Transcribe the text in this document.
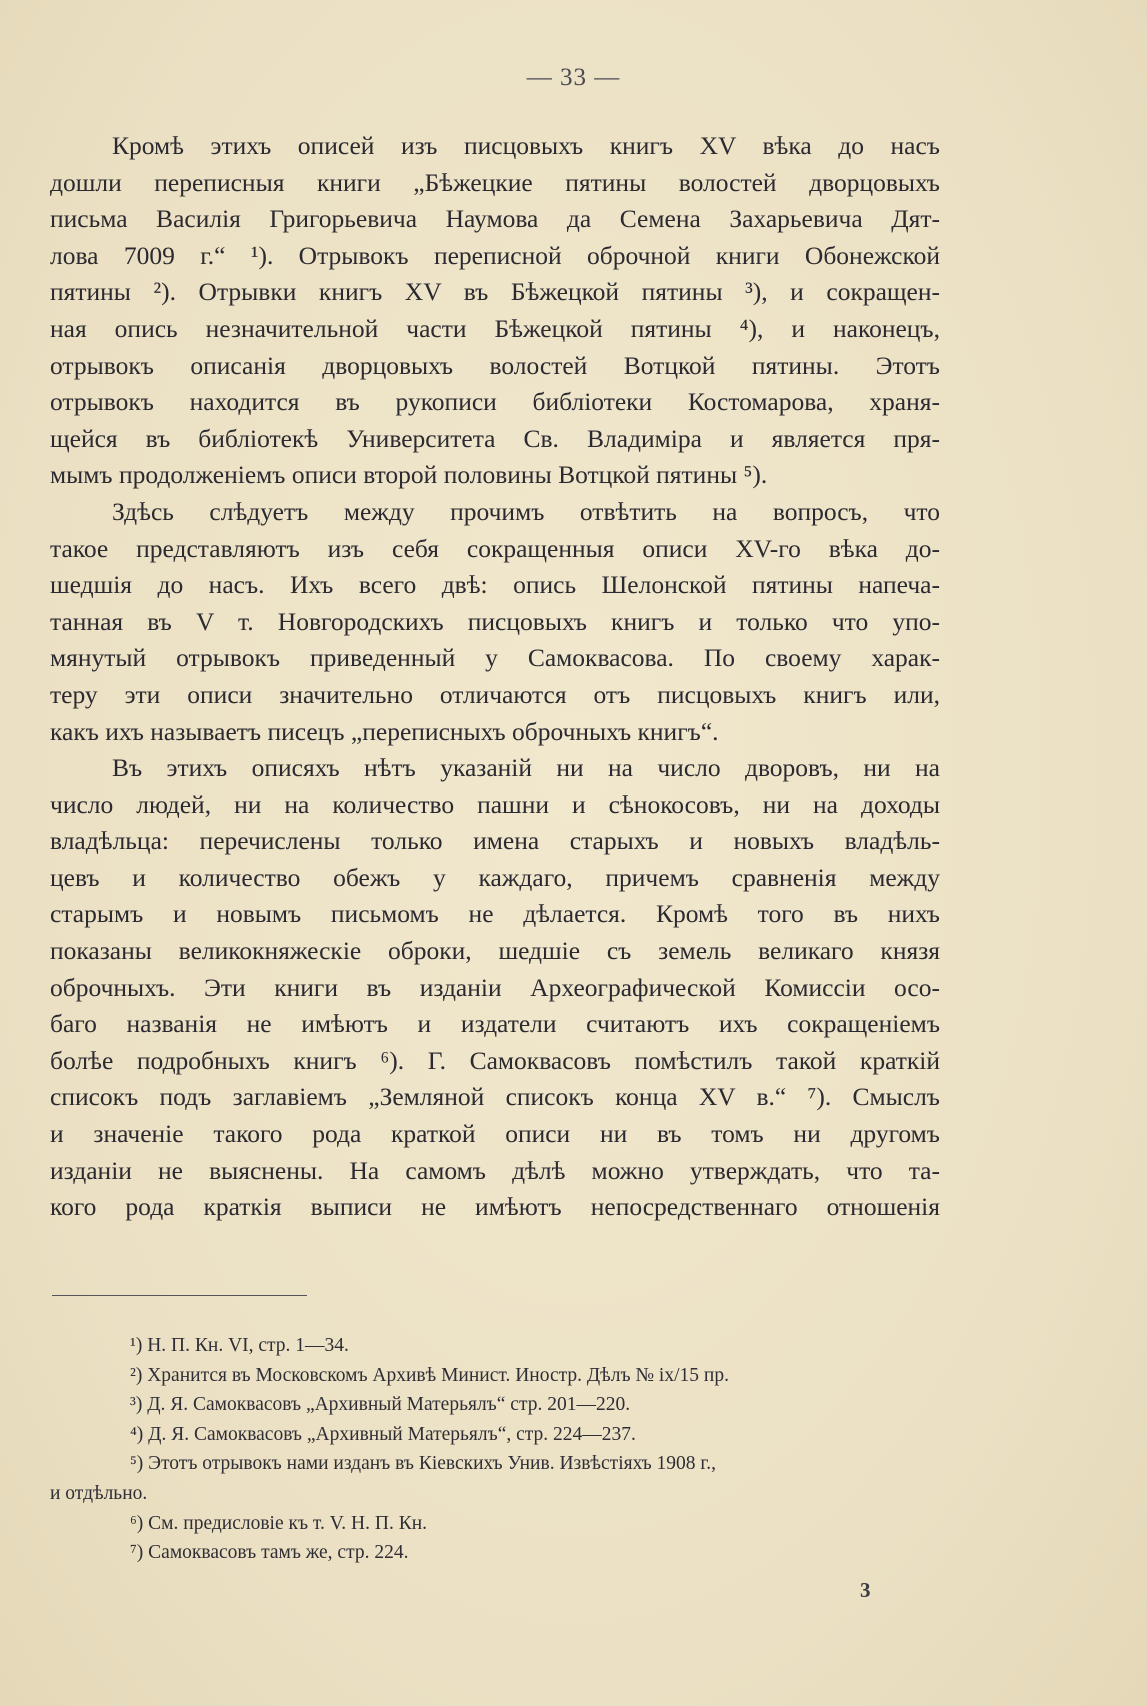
— 33 —
Кромѣ этихъ описей изъ писцовыхъ книгъ XV вѣка до насъ
дошли переписныя книги „Бѣжецкие пятины волостей дворцовыхъ
письма Василія Григорьевича Наумова да Семена Захарьевича Дят-
лова 7009 г.“ ¹). Отрывокъ переписной оброчной книги Обонежской
пятины ²). Отрывки книгъ XV въ Бѣжецкой пятины ³), и сокращен-
ная опись незначительной части Бѣжецкой пятины ⁴), и наконецъ,
отрывокъ описанія дворцовыхъ волостей Вотцкой пятины. Этотъ
отрывокъ находится въ рукописи библіотеки Костомарова, храня-
щейся въ библіотекѣ Университета Св. Владиміра и является пря-
мымъ продолженіемъ описи второй половины Вотцкой пятины ⁵).
Здѣсь слѣдуетъ между прочимъ отвѣтить на вопросъ, что
такое представляютъ изъ себя сокращенныя описи XV-го вѣка до-
шедшія до насъ. Ихъ всего двѣ: опись Шелонской пятины напеча-
танная въ V т. Новгородскихъ писцовыхъ книгъ и только что упо-
мянутый отрывокъ приведенный у Самоквасова. По своему харак-
теру эти описи значительно отличаются отъ писцовыхъ книгъ или,
какъ ихъ называетъ писецъ „переписныхъ оброчныхъ книгъ“.
Въ этихъ описяхъ нѣтъ указаній ни на число дворовъ, ни на
число людей, ни на количество пашни и сѣнокосовъ, ни на доходы
владѣльца: перечислены только имена старыхъ и новыхъ владѣль-
цевъ и количество обежъ у каждаго, причемъ сравненія между
старымъ и новымъ письмомъ не дѣлается. Кромѣ того въ нихъ
показаны великокняжескіе оброки, шедшіе съ земель великаго князя
оброчныхъ. Эти книги въ изданіи Археографической Комиссіи осо-
баго названія не имѣютъ и издатели считаютъ ихъ сокращеніемъ
болѣе подробныхъ книгъ ⁶). Г. Самоквасовъ помѣстилъ такой краткій
списокъ подъ заглавіемъ „Земляной списокъ конца XV в.“ ⁷). Смыслъ
и значеніе такого рода краткой описи ни въ томъ ни другомъ
изданіи не выяснены. На самомъ дѣлѣ можно утверждать, что та-
кого рода краткія выписи не имѣютъ непосредственнаго отношенія
¹) Н. П. Кн. VI, стр. 1—34.
²) Хранится въ Московскомъ Архивѣ Минист. Иностр. Дѣлъ № ix/15 пр.
³) Д. Я. Самоквасовъ „Архивный Матерьялъ“ стр. 201—220.
⁴) Д. Я. Самоквасовъ „Архивный Матерьялъ“, стр. 224—237.
⁵) Этотъ отрывокъ нами изданъ въ Кіевскихъ Унив. Извѣстіяхъ 1908 г.,
и отдѣльно.
⁶) См. предисловіе къ т. V. Н. П. Кн.
⁷) Самоквасовъ тамъ же, стр. 224.
3
